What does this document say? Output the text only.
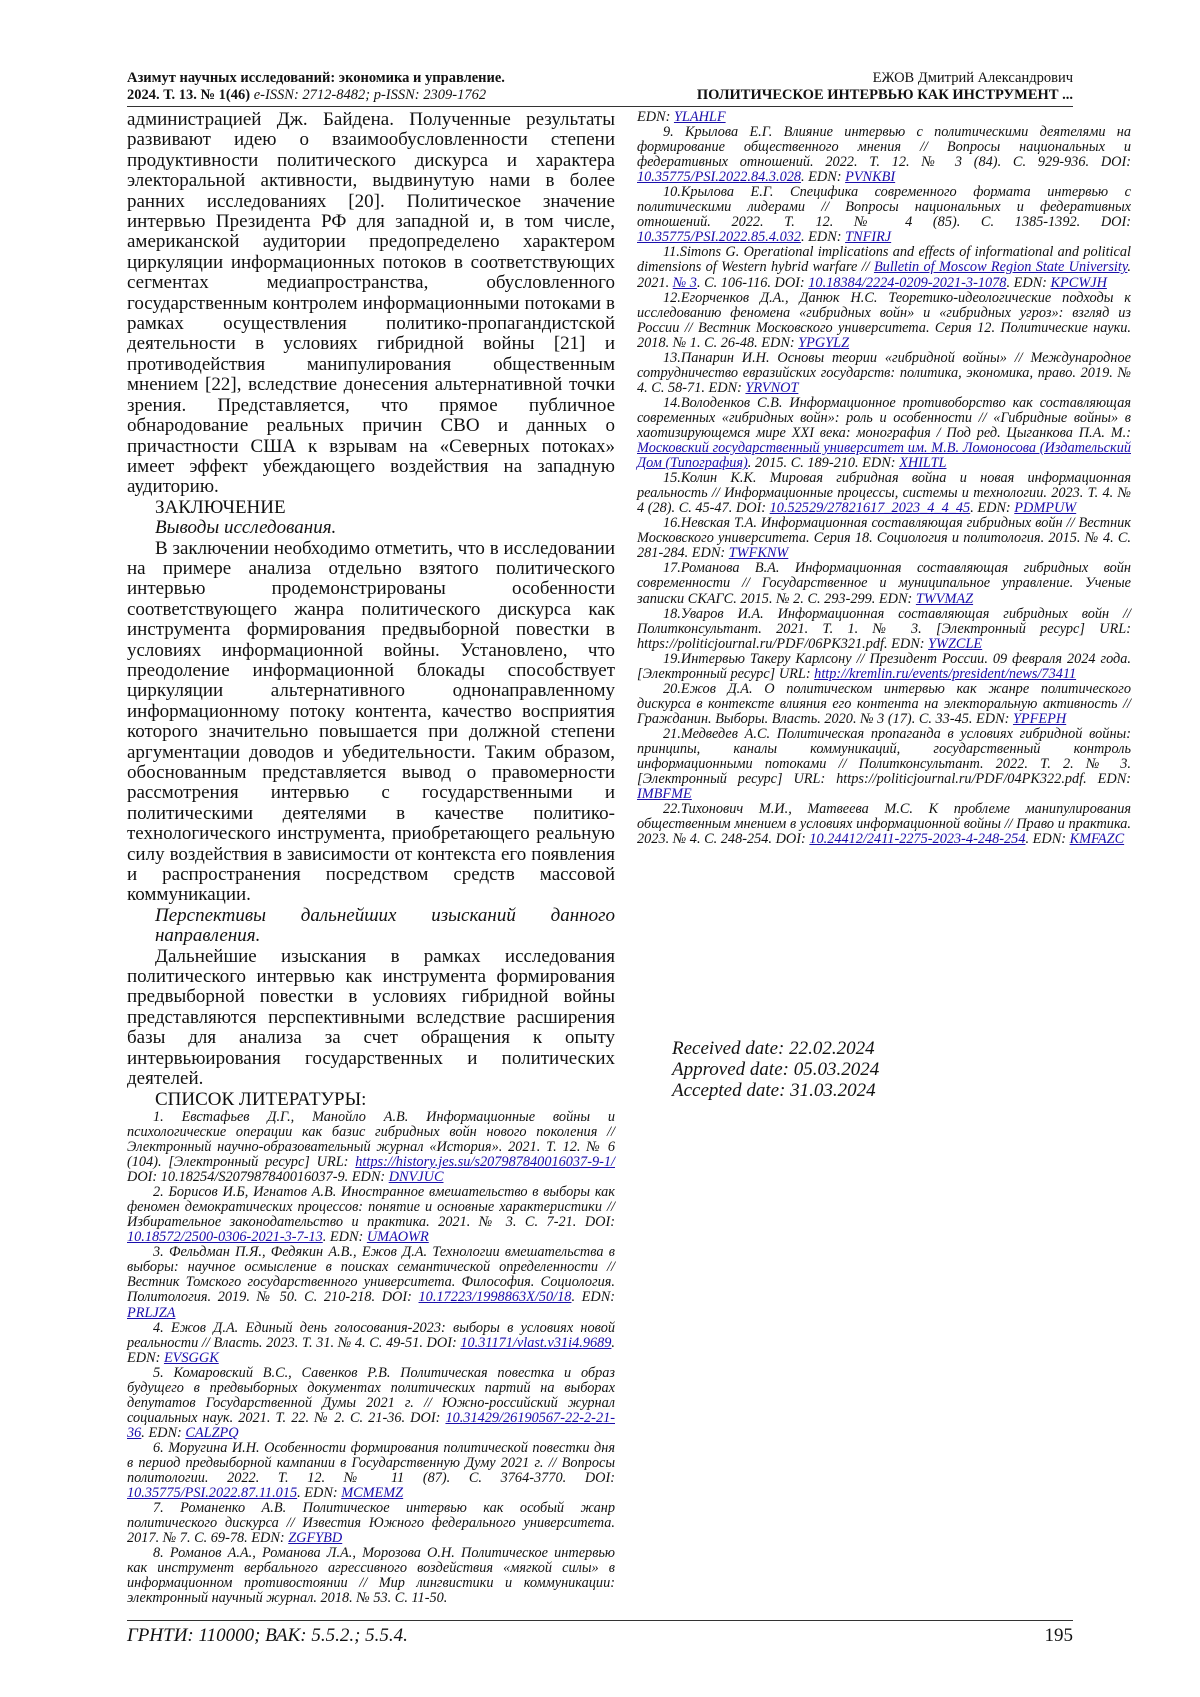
Азимут научных исследований: экономика и управление.
2024. Т. 13. № 1(46) e-ISSN: 2712-8482; p-ISSN: 2309-1762
ЕЖОВ Дмитрий Александрович
ПОЛИТИЧЕСКОЕ ИНТЕРВЬЮ КАК ИНСТРУМЕНТ ...

администрацией Дж. Байдена. Полученные результаты развивают идею о взаимообусловленности степени продуктивности политического дискурса и характера электоральной активности, выдвинутую нами в более ранних исследованиях [20]. Политическое значение интервью Президента РФ для западной и, в том числе, американской аудитории предопределено характером циркуляции информационных потоков в соответствующих сегментах медиапространства, обусловленного государственным контролем информационными потоками в рамках осуществления политико-пропагандистской деятельности в условиях гибридной войны [21] и противодействия манипулирования общественным мнением [22], вследствие донесения альтернативной точки зрения. Представляется, что прямое публичное обнародование реальных причин СВО и данных о причастности США к взрывам на «Северных потоках» имеет эффект убеждающего воздействия на западную аудиторию.

ЗАКЛЮЧЕНИЕ

Выводы исследования.

В заключении необходимо отметить, что в исследовании на примере анализа отдельно взятого политического интервью продемонстрированы особенности соответствующего жанра политического дискурса как инструмента формирования предвыборной повестки в условиях информационной войны. Установлено, что преодоление информационной блокады способствует циркуляции альтернативного однонаправленному информационному потоку контента, качество восприятия которого значительно повышается при должной степени аргументации доводов и убедительности. Таким образом, обоснованным представляется вывод о правомерности рассмотрения интервью с государственными и политическими деятелями в качестве политико-технологического инструмента, приобретающего реальную силу воздействия в зависимости от контекста его появления и распространения посредством средств массовой коммуникации.

Перспективы дальнейших изысканий данного направления.

Дальнейшие изыскания в рамках исследования политического интервью как инструмента формирования предвыборной повестки в условиях гибридной войны представляются перспективными вследствие расширения базы для анализа за счет обращения к опыту интервьюирования государственных и политических деятелей.

СПИСОК ЛИТЕРАТУРЫ:

1. Евстафьев Д.Г., Манойло А.В. Информационные войны и психологические операции как базис гибридных войн нового поколения // Электронный научно-образовательный журнал «История». 2021. Т. 12. № 6 (104). [Электронный ресурс] URL: https://history.jes.su/s207987840016037-9-1/ DOI: 10.18254/S207987840016037-9. EDN: DNVJUC

2. Борисов И.Б, Игнатов А.В. Иностранное вмешательство в выборы как феномен демократических процессов: понятие и основные характеристики // Избирательное законодательство и практика. 2021. № 3. С. 7-21. DOI: 10.18572/2500-0306-2021-3-7-13. EDN: UMAOWR

3. Фельдман П.Я., Федякин А.В., Ежов Д.А. Технологии вмешательства в выборы: научное осмысление в поисках семантической определенности // Вестник Томского государственного университета. Философия. Социология. Политология. 2019. № 50. С. 210-218. DOI: 10.17223/1998863X/50/18. EDN: PRLJZA

4. Ежов Д.А. Единый день голосования-2023: выборы в условиях новой реальности // Власть. 2023. Т. 31. № 4. С. 49-51. DOI: 10.31171/vlast.v31i4.9689. EDN: EVSGGK

5. Комаровский В.С., Савенков Р.В. Политическая повестка и образ будущего в предвыборных документах политических партий на выборах депутатов Государственной Думы 2021 г. // Южно-российский журнал социальных наук. 2021. Т. 22. № 2. С. 21-36. DOI: 10.31429/26190567-22-2-21-36. EDN: CALZPQ

6. Моругина И.Н. Особенности формирования политической повестки дня в период предвыборной кампании в Государственную Думу 2021 г. // Вопросы политологии. 2022. Т. 12. № 11 (87). С. 3764-3770. DOI: 10.35775/PSI.2022.87.11.015. EDN: MCMEMZ

7. Романенко А.В. Политическое интервью как особый жанр политического дискурса // Известия Южного федерального университета. 2017. № 7. С. 69-78. EDN: ZGFYBD

8. Романов А.А., Романова Л.А., Морозова О.Н. Политическое интервью как инструмент вербального агрессивного воздействия «мягкой силы» в информационном противостоянии // Мир лингвистики и коммуникации: электронный научный журнал. 2018. № 53. С. 11-50.

EDN: YLAHLF

9. Крылова Е.Г. Влияние интервью с политическими деятелями на формирование общественного мнения // Вопросы национальных и федеративных отношений. 2022. Т. 12. № 3 (84). С. 929-936. DOI: 10.35775/PSI.2022.84.3.028. EDN: PVNKBI

10.Крылова Е.Г. Специфика современного формата интервью с политическими лидерами // Вопросы национальных и федеративных отношений. 2022. Т. 12. № 4 (85). С. 1385-1392. DOI: 10.35775/PSI.2022.85.4.032. EDN: TNFIRJ

11.Simons G. Operational implications and effects of informational and political dimensions of Western hybrid warfare // Bulletin of Moscow Region State University. 2021. № 3. С. 106-116. DOI: 10.18384/2224-0209-2021-3-1078. EDN: KPCWJH

12.Егорченков Д.А., Данюк Н.С. Теоретико-идеологические подходы к исследованию феномена «гибридных войн» и «гибридных угроз»: взгляд из России // Вестник Московского университета. Серия 12. Политические науки. 2018. № 1. С. 26-48. EDN: YPGYLZ

13.Панарин И.Н. Основы теории «гибридной войны» // Международное сотрудничество евразийских государств: политика, экономика, право. 2019. № 4. С. 58-71. EDN: YRVNOT

14.Володенков С.В. Информационное противоборство как составляющая современных «гибридных войн»: роль и особенности // «Гибридные войны» в хаотизирующемся мире XXI века: монография / Под ред. Цыганкова П.А. М.: Московский государственный университет им. М.В. Ломоносова (Издательский Дом (Типография). 2015. С. 189-210. EDN: XHILTL

15.Колин К.К. Мировая гибридная война и новая информационная реальность // Информационные процессы, системы и технологии. 2023. Т. 4. № 4 (28). С. 45-47. DOI: 10.52529/27821617_2023_4_4_45. EDN: PDMPUW

16.Невская Т.А. Информационная составляющая гибридных войн // Вестник Московского университета. Серия 18. Социология и политология. 2015. № 4. С. 281-284. EDN: TWFKNW

17.Романова В.А. Информационная составляющая гибридных войн современности // Государственное и муниципальное управление. Ученые записки СКАГС. 2015. № 2. С. 293-299. EDN: TWVMAZ

18.Уваров И.А. Информационная составляющая гибридных войн // Политконсультант. 2021. Т. 1. № 3. [Электронный ресурс] URL: https://politicjournal.ru/PDF/06PK321.pdf. EDN: YWZCLE

19.Интервью Такеру Карлсону // Президент России. 09 февраля 2024 года. [Электронный ресурс] URL: http://kremlin.ru/events/president/news/73411

20.Ежов Д.А. О политическом интервью как жанре политического дискурса в контексте влияния его контента на электоральную активность // Гражданин. Выборы. Власть. 2020. № 3 (17). С. 33-45. EDN: YPFEPH

21.Медведев А.С. Политическая пропаганда в условиях гибридной войны: принципы, каналы коммуникаций, государственный контроль информационными потоками // Политконсультант. 2022. Т. 2. № 3. [Электронный ресурс] URL: https://politicjournal.ru/PDF/04PK322.pdf. EDN: IMBFME

22.Тихонович М.И., Матвеева М.С. К проблеме манипулирования общественным мнением в условиях информационной войны // Право и практика. 2023. № 4. С. 248-254. DOI: 10.24412/2411-2275-2023-4-248-254. EDN: KMFAZC

Received date: 22.02.2024
Approved date: 05.03.2024
Accepted date: 31.03.2024
ГРНТИ: 110000; ВАК: 5.5.2.; 5.5.4.	195
